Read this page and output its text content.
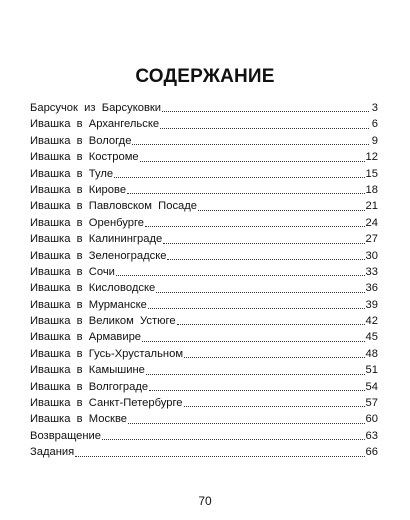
СОДЕРЖАНИЕ
Барсучок  из  Барсуковки	3
Ивашка  в  Архангельске	6
Ивашка  в  Вологде	9
Ивашка  в  Костроме	12
Ивашка  в  Туле	15
Ивашка  в  Кирове	18
Ивашка  в  Павловском  Посаде	21
Ивашка  в  Оренбурге	24
Ивашка  в  Калининграде	27
Ивашка  в  Зеленоградске	30
Ивашка  в  Сочи	33
Ивашка  в  Кисловодске	36
Ивашка  в  Мурманске	39
Ивашка  в  Великом  Устюге	42
Ивашка  в  Армавире	45
Ивашка  в  Гусь-Хрустальном	48
Ивашка  в  Камышине	51
Ивашка  в  Волгограде	54
Ивашка  в  Санкт-Петербурге	57
Ивашка  в  Москве	60
Возвращение	63
Задания	66
70
